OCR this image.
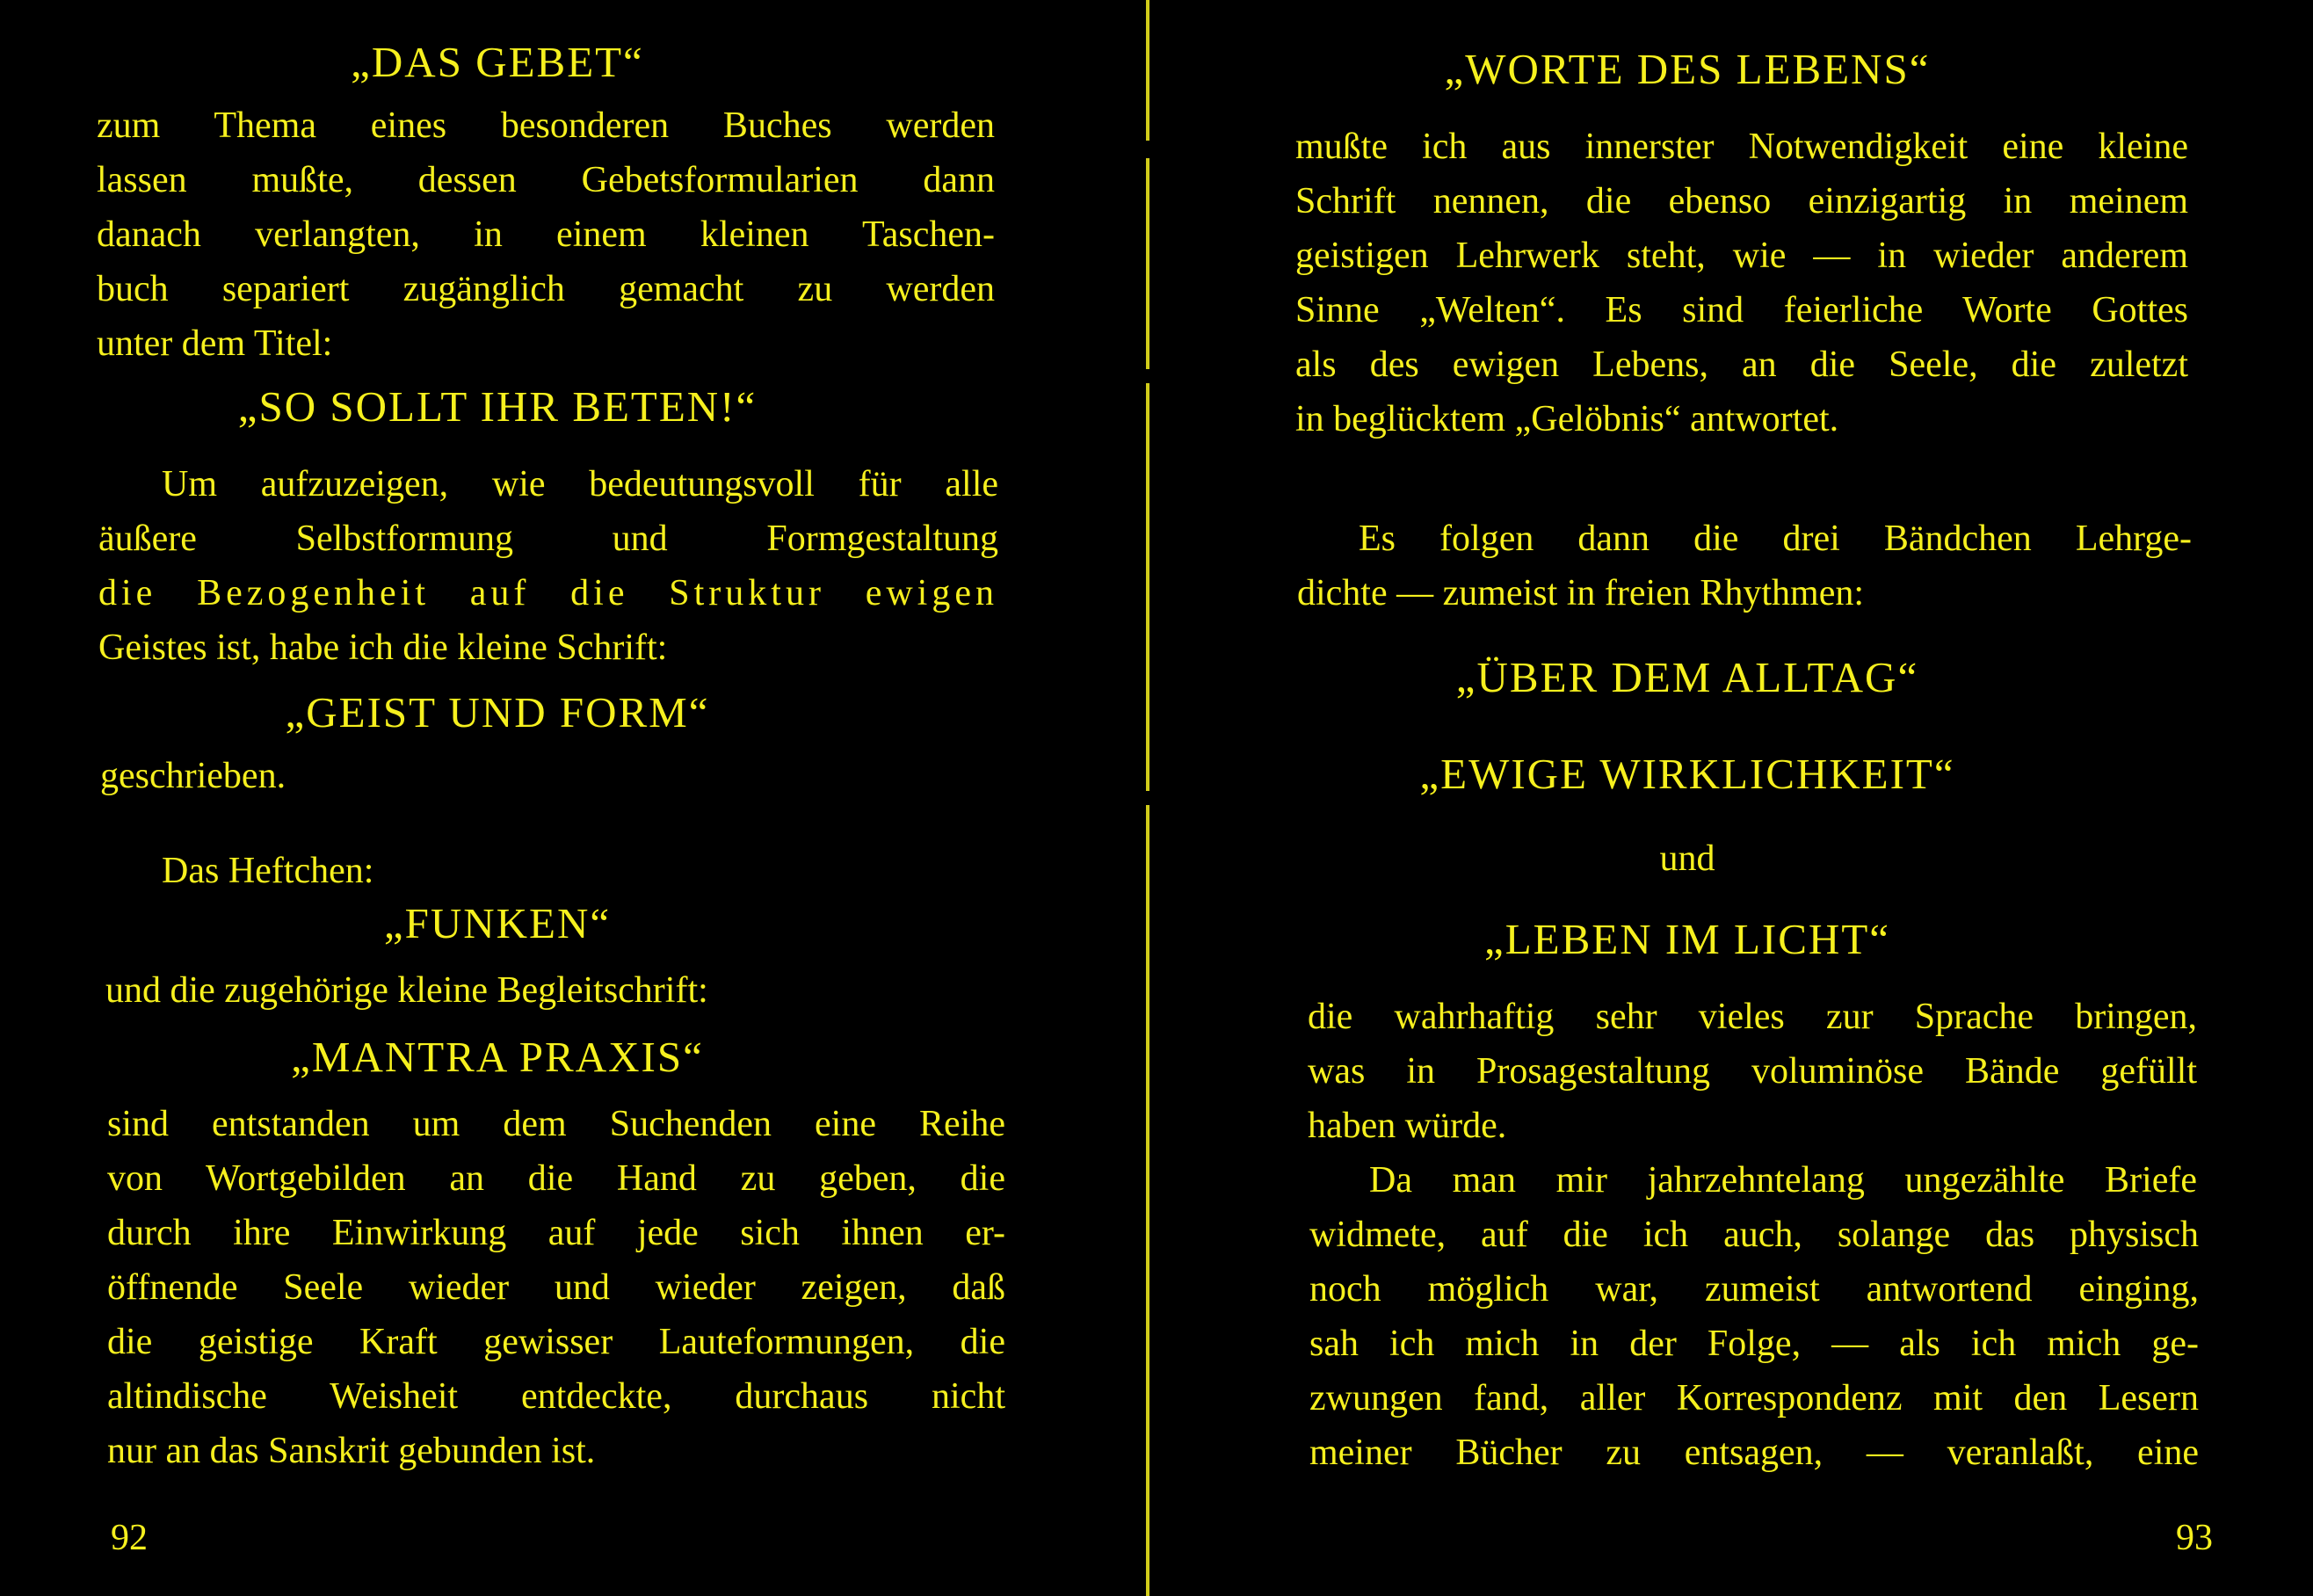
„DAS GEBET“

zum Thema eines besonderen Buches werden

lassen mußte, dessen Gebetsformularien dann

danach verlangten, in einem kleinen Taschen-

buch separiert zugänglich gemacht zu werden

unter dem Titel:

„SO SOLLT IHR BETEN!“

Um aufzuzeigen, wie bedeutungsvoll für alle

äußere Selbstformung und Formgestaltung

die Bezogenheit auf die Struktur ewigen

Geistes ist, habe ich die kleine Schrift:

„GEIST UND FORM“

geschrieben.

Das Heftchen:

„FUNKEN“

und die zugehörige kleine Begleitschrift:

„MANTRA PRAXIS“

sind entstanden um dem Suchenden eine Reihe

von Wortgebilden an die Hand zu geben, die

durch ihre Einwirkung auf jede sich ihnen er-

öffnende Seele wieder und wieder zeigen, daß

die geistige Kraft gewisser Lauteformungen, die

altindische Weisheit entdeckte, durchaus nicht

nur an das Sanskrit gebunden ist.

92

„WORTE DES LEBENS“

mußte ich aus innerster Notwendigkeit eine kleine

Schrift nennen, die ebenso einzigartig in meinem

geistigen Lehrwerk steht, wie — in wieder anderem

Sinne „Welten“. Es sind feierliche Worte Gottes

als des ewigen Lebens, an die Seele, die zuletzt

in beglücktem „Gelöbnis“ antwortet.

Es folgen dann die drei Bändchen Lehrge-

dichte — zumeist in freien Rhythmen:

„ÜBER DEM ALLTAG“

„EWIGE WIRKLICHKEIT“

und

„LEBEN IM LICHT“

die wahrhaftig sehr vieles zur Sprache bringen,

was in Prosagestaltung voluminöse Bände gefüllt

haben würde.

Da man mir jahrzehntelang ungezählte Briefe

widmete, auf die ich auch, solange das physisch

noch möglich war, zumeist antwortend einging,

sah ich mich in der Folge, — als ich mich ge-

zwungen fand, aller Korrespondenz mit den Lesern

meiner Bücher zu entsagen, — veranlaßt, eine

93
